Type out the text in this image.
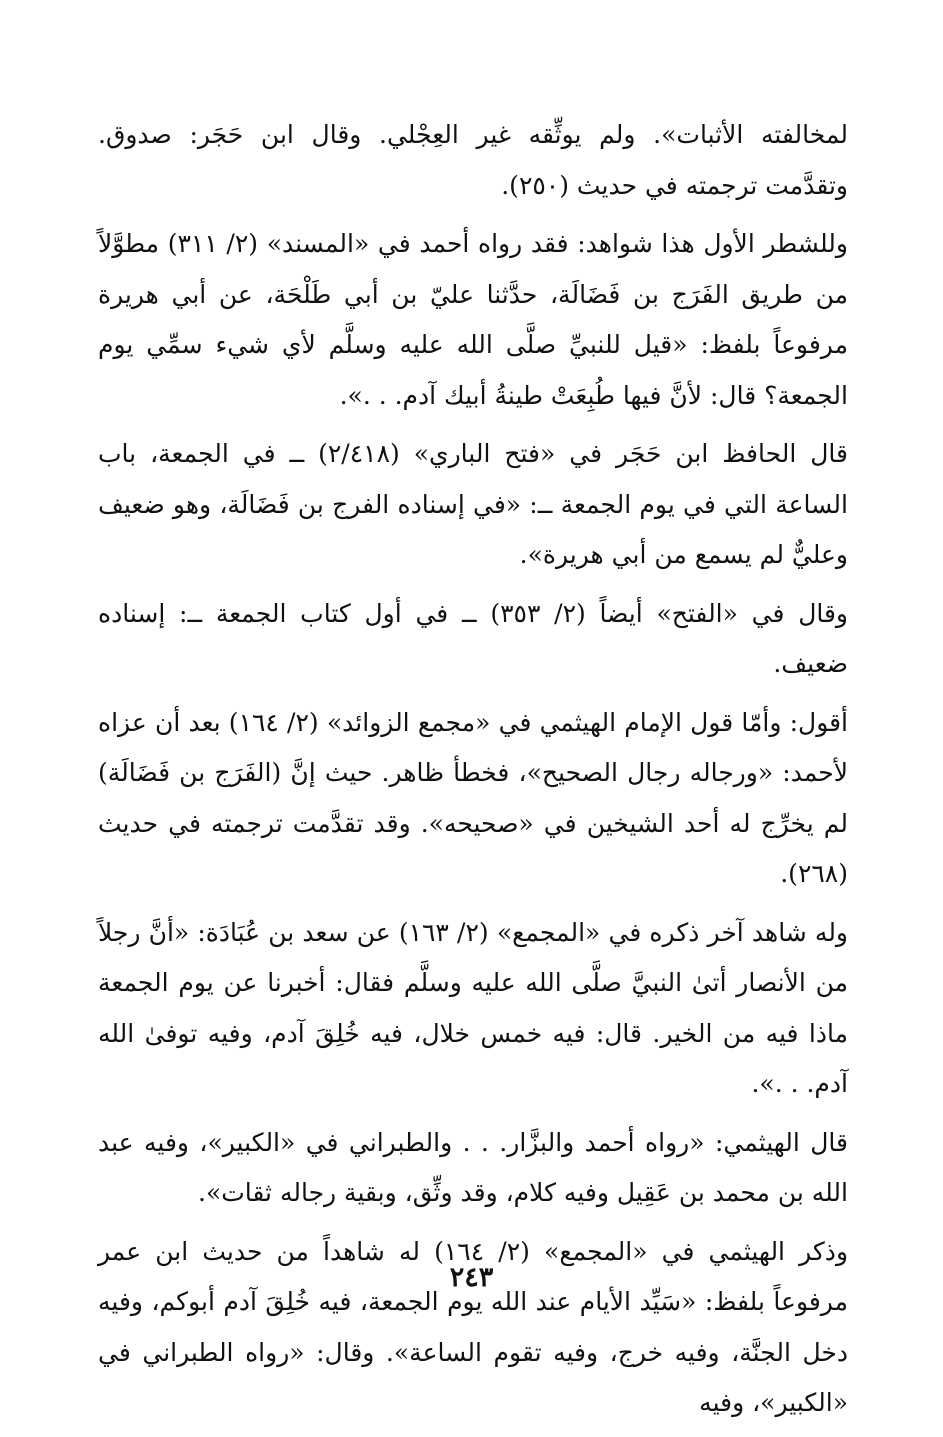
لمخالفته الأثبات». ولم يوثِّقه غير العِجْلي. وقال ابن حَجَر: صدوق. وتقدَّمت ترجمته في حديث (٢٥٠).

وللشطر الأول هذا شواهد: فقد رواه أحمد في «المسند» (٢/ ٣١١) مطوَّلاً من طريق الفَرَج بن فَضَالَة، حدَّثنا عليّ بن أبي طَلْحَة، عن أبي هريرة مرفوعاً بلفظ: «قيل للنبيِّ صلَّى الله عليه وسلَّم لأي شيء سمِّي يوم الجمعة؟ قال: لأنَّ فيها طُبِعَتْ طينةُ أبيك آدم. . .».

قال الحافظ ابن حَجَر في «فتح الباري» (٢/٤١٨) ــ في الجمعة، باب الساعة التي في يوم الجمعة ــ: «في إسناده الفرج بن فَضَالَة، وهو ضعيف وعليٌّ لم يسمع من أبي هريرة».

وقال في «الفتح» أيضاً (٢/ ٣٥٣) ــ في أول كتاب الجمعة ــ: إسناده ضعيف.

أقول: وأمّا قول الإمام الهيثمي في «مجمع الزوائد» (٢/ ١٦٤) بعد أن عزاه لأحمد: «ورجاله رجال الصحيح»، فخطأ ظاهر. حيث إنَّ (الفَرَج بن فَضَالَة) لم يخرِّج له أحد الشيخين في «صحيحه». وقد تقدَّمت ترجمته في حديث (٢٦٨).

وله شاهد آخر ذكره في «المجمع» (٢/ ١٦٣) عن سعد بن عُبَادَة: «أنَّ رجلاً من الأنصار أتىٰ النبيَّ صلَّى الله عليه وسلَّم فقال: أخبرنا عن يوم الجمعة ماذا فيه من الخير. قال: فيه خمس خلال، فيه خُلِقَ آدم، وفيه توفىٰ الله آدم. . .».

قال الهيثمي: «رواه أحمد والبزَّار. . . والطبراني في «الكبير»، وفيه عبد الله بن محمد بن عَقِيل وفيه كلام، وقد وثِّق، وبقية رجاله ثقات».

وذكر الهيثمي في «المجمع» (٢/ ١٦٤) له شاهداً من حديث ابن عمر مرفوعاً بلفظ: «سَيِّد الأيام عند الله يوم الجمعة، فيه خُلِقَ آدم أبوكم، وفيه دخل الجنَّة، وفيه خرج، وفيه تقوم الساعة». وقال: «رواه الطبراني في «الكبير»، وفيه

٢٤٣
